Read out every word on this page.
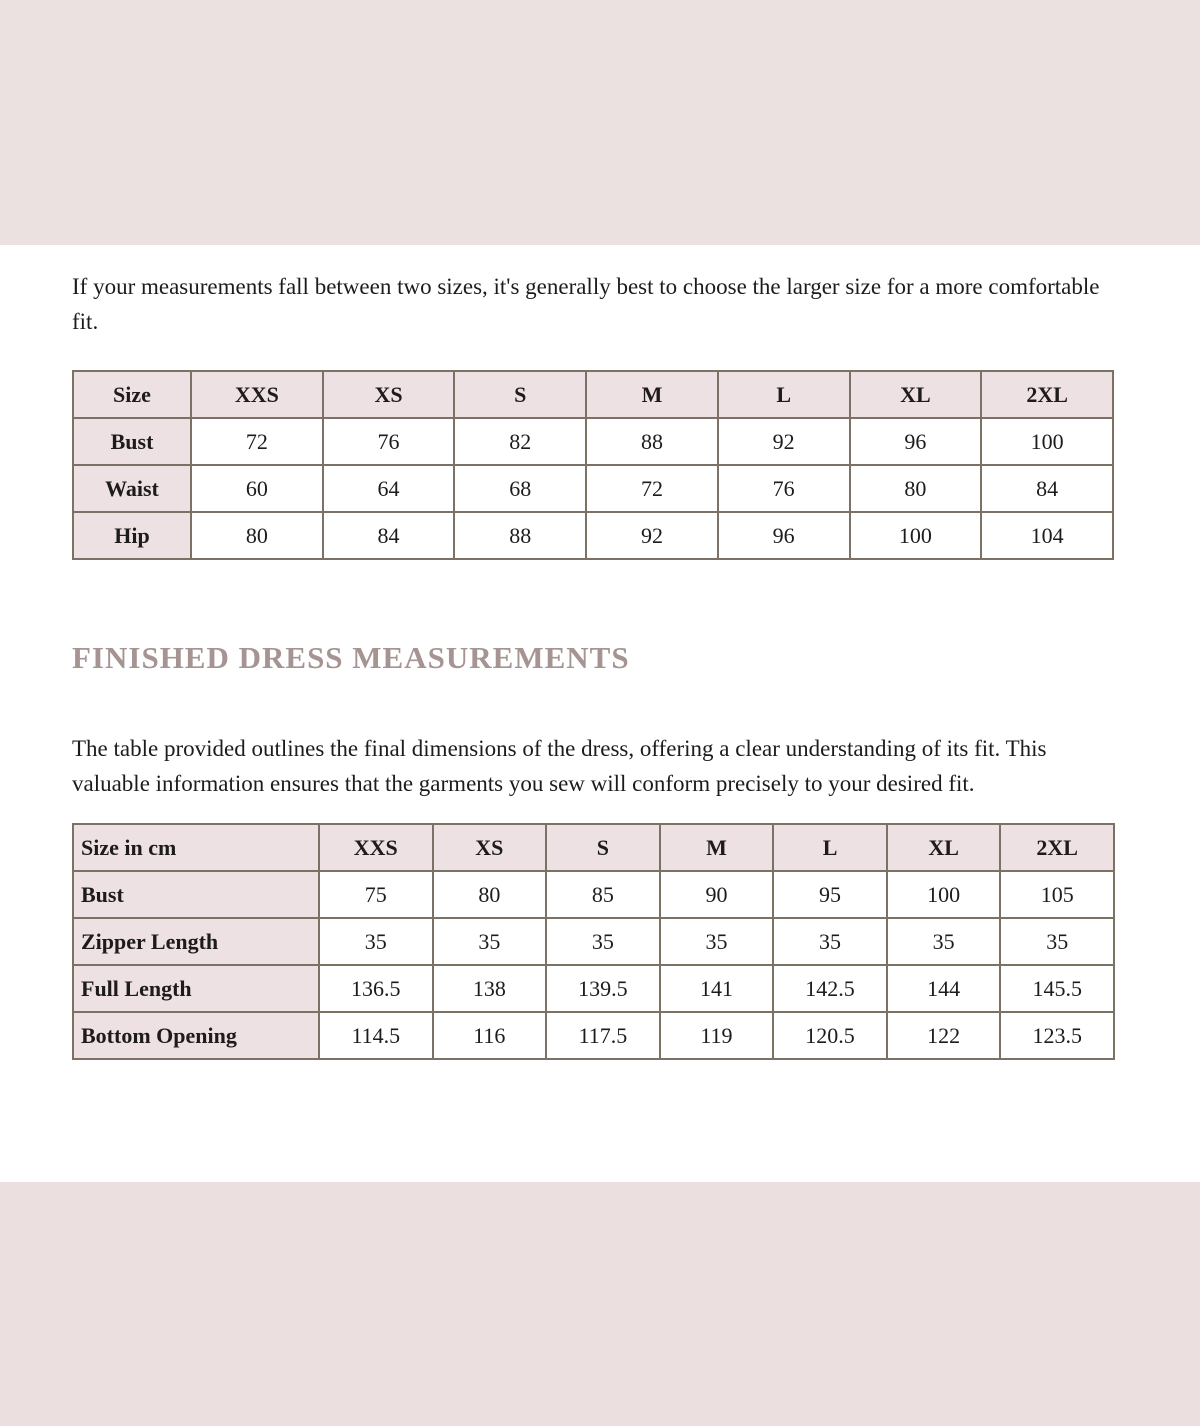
If your measurements fall between two sizes, it's generally best to choose the larger size for a more comfortable fit.

Size	XXS	XS	S	M	L	XL	2XL
Bust	72	76	82	88	92	96	100
Waist	60	64	68	72	76	80	84
Hip	80	84	88	92	96	100	104
FINISHED DRESS MEASUREMENTS

The table provided outlines the final dimensions of the dress, offering a clear understanding of its fit. This valuable information ensures that the garments you sew will conform precisely to your desired fit.

Size in cm	XXS	XS	S	M	L	XL	2XL
Bust	75	80	85	90	95	100	105
Zipper Length	35	35	35	35	35	35	35
Full Length	136.5	138	139.5	141	142.5	144	145.5
Bottom Opening	114.5	116	117.5	119	120.5	122	123.5
